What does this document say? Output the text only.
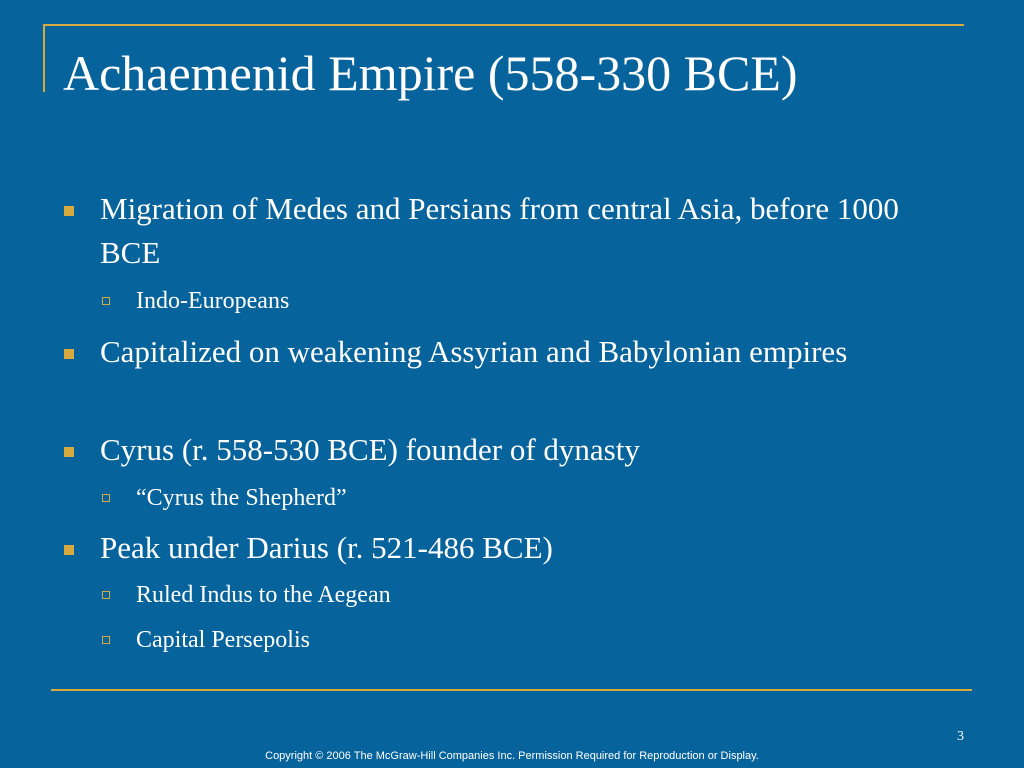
Achaemenid Empire (558-330 BCE)
Migration of Medes and Persians from central Asia, before 1000 BCE
Indo-Europeans
Capitalized on weakening Assyrian and Babylonian empires
Cyrus (r. 558-530 BCE) founder of dynasty
“Cyrus the Shepherd”
Peak under Darius (r. 521-486 BCE)
Ruled Indus to the Aegean
Capital Persepolis
3
Copyright © 2006 The McGraw-Hill Companies Inc. Permission Required for Reproduction or Display.
